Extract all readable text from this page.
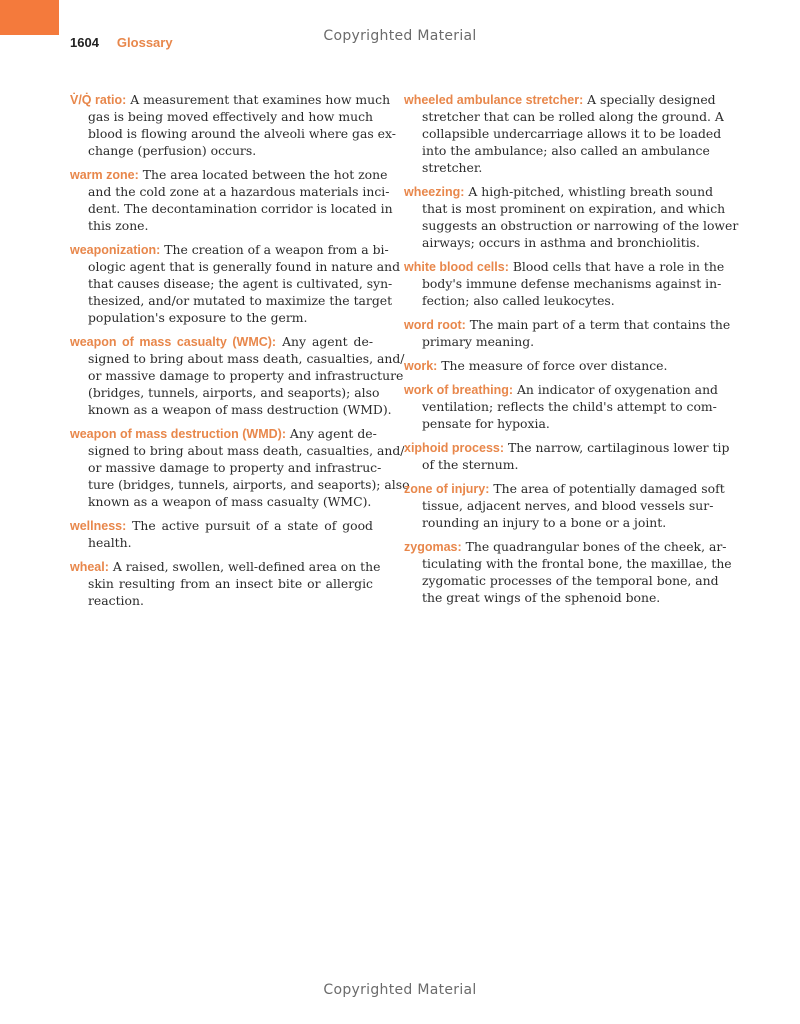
1604 Glossary	Copyrighted Material
V̇/Q̇ ratio: A measurement that examines how much
gas is being moved effectively and how much
blood is flowing around the alveoli where gas ex-
change (perfusion) occurs.
warm zone: The area located between the hot zone
and the cold zone at a hazardous materials inci-
dent. The decontamination corridor is located in
this zone.
weaponization: The creation of a weapon from a bi-
ologic agent that is generally found in nature and
that causes disease; the agent is cultivated, syn-
thesized, and/or mutated to maximize the target
population's exposure to the germ.
weapon of mass casualty (WMC): Any agent de-
signed to bring about mass death, casualties, and/
or massive damage to property and infrastructure
(bridges, tunnels, airports, and seaports); also
known as a weapon of mass destruction (WMD).
weapon of mass destruction (WMD): Any agent de-
signed to bring about mass death, casualties, and/
or massive damage to property and infrastruc-
ture (bridges, tunnels, airports, and seaports); also
known as a weapon of mass casualty (WMC).
wellness: The active pursuit of a state of good
health.
wheal: A raised, swollen, well-defined area on the
skin resulting from an insect bite or allergic
reaction.
wheeled ambulance stretcher: A specially designed
stretcher that can be rolled along the ground. A
collapsible undercarriage allows it to be loaded
into the ambulance; also called an ambulance
stretcher.
wheezing: A high-pitched, whistling breath sound
that is most prominent on expiration, and which
suggests an obstruction or narrowing of the lower
airways; occurs in asthma and bronchiolitis.
white blood cells: Blood cells that have a role in the
body's immune defense mechanisms against in-
fection; also called leukocytes.
word root: The main part of a term that contains the
primary meaning.
work: The measure of force over distance.
work of breathing: An indicator of oxygenation and
ventilation; reflects the child's attempt to com-
pensate for hypoxia.
xiphoid process: The narrow, cartilaginous lower tip
of the sternum.
zone of injury: The area of potentially damaged soft
tissue, adjacent nerves, and blood vessels sur-
rounding an injury to a bone or a joint.
zygomas: The quadrangular bones of the cheek, ar-
ticulating with the frontal bone, the maxillae, the
zygomatic processes of the temporal bone, and
the great wings of the sphenoid bone.
Copyrighted Material
